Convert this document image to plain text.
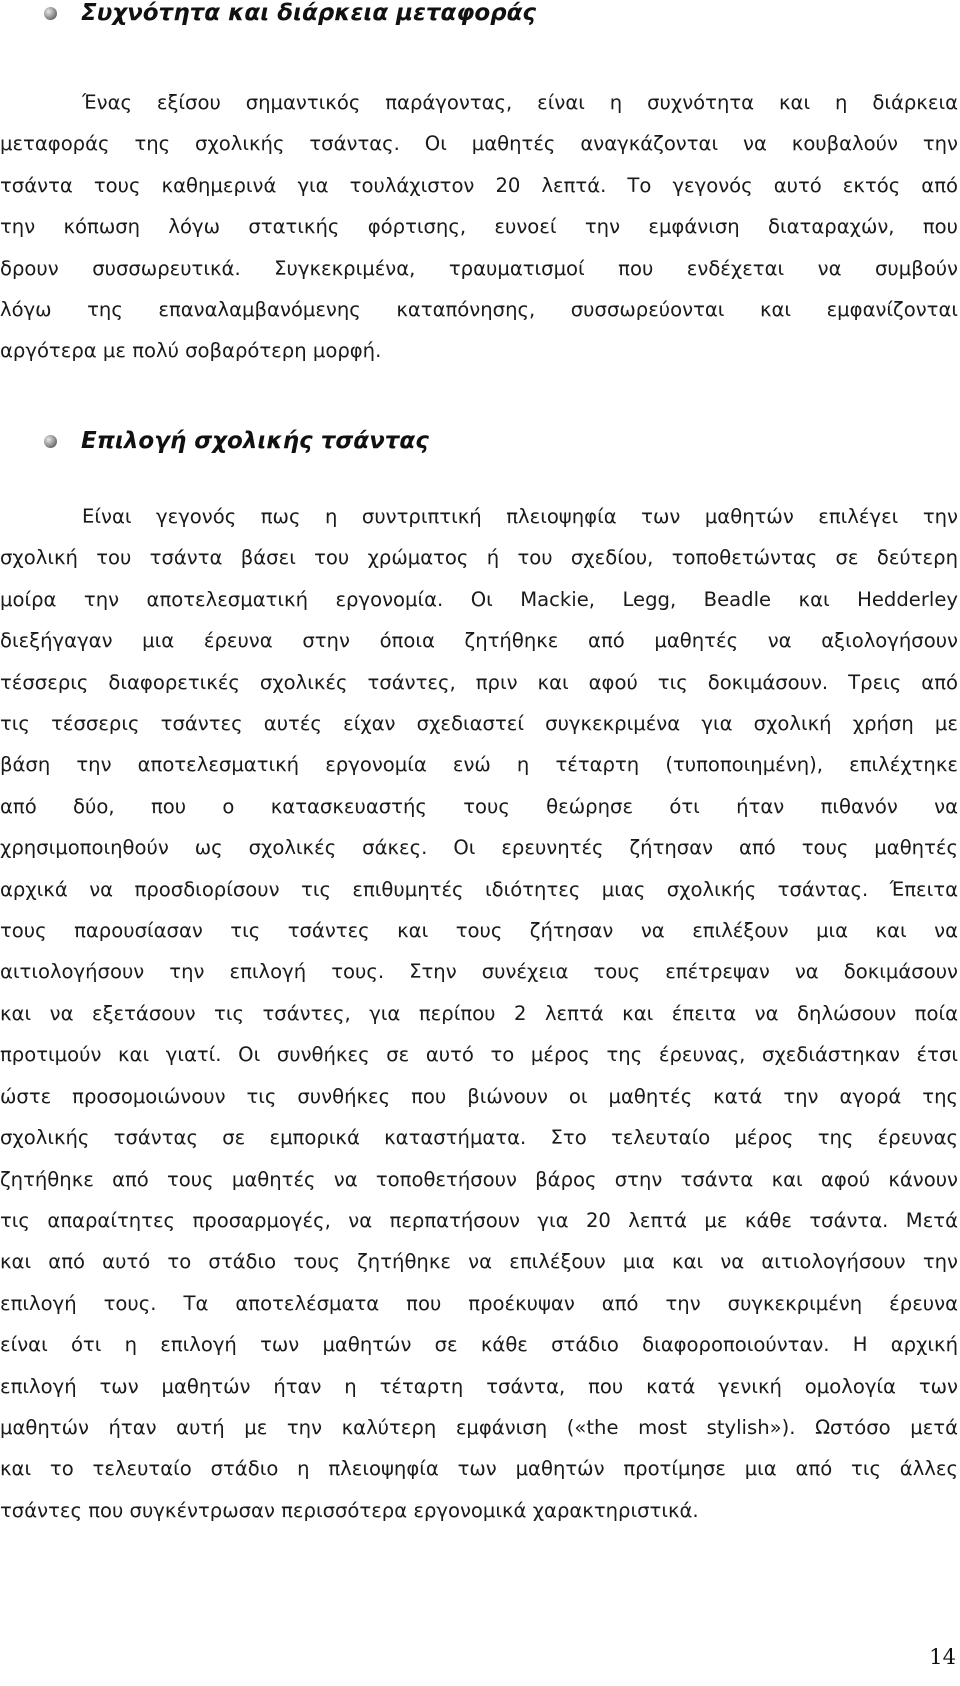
Συχνότητα και διάρκεια μεταφοράς
Ένας εξίσου σημαντικός παράγοντας, είναι η συχνότητα και η διάρκεια
μεταφοράς της σχολικής τσάντας. Οι μαθητές αναγκάζονται να κουβαλούν την
τσάντα τους καθημερινά για τουλάχιστον 20 λεπτά. Το γεγονός αυτό εκτός από
την κόπωση λόγω στατικής φόρτισης, ευνοεί την εμφάνιση διαταραχών, που
δρουν συσσωρευτικά. Συγκεκριμένα, τραυματισμοί που ενδέχεται να συμβούν
λόγω της επαναλαμβανόμενης καταπόνησης, συσσωρεύονται και εμφανίζονται
αργότερα με πολύ σοβαρότερη μορφή.
Επιλογή σχολικής τσάντας
Είναι γεγονός πως η συντριπτική πλειοψηφία των μαθητών επιλέγει την
σχολική του τσάντα βάσει του χρώματος ή του σχεδίου, τοποθετώντας σε δεύτερη
μοίρα την αποτελεσματική εργονομία. Οι Mackie, Legg, Beadle και Hedderley
διεξήγαγαν μια έρευνα στην όποια ζητήθηκε από μαθητές να αξιολογήσουν
τέσσερις διαφορετικές σχολικές τσάντες, πριν και αφού τις δοκιμάσουν. Τρεις από
τις τέσσερις τσάντες αυτές είχαν σχεδιαστεί συγκεκριμένα για σχολική χρήση με
βάση την αποτελεσματική εργονομία ενώ η τέταρτη (τυποποιημένη), επιλέχτηκε
από δύο, που ο κατασκευαστής τους θεώρησε ότι ήταν πιθανόν να
χρησιμοποιηθούν ως σχολικές σάκες. Οι ερευνητές ζήτησαν από τους μαθητές
αρχικά να προσδιορίσουν τις επιθυμητές ιδιότητες μιας σχολικής τσάντας. Έπειτα
τους παρουσίασαν τις τσάντες και τους ζήτησαν να επιλέξουν μια και να
αιτιολογήσουν την επιλογή τους. Στην συνέχεια τους επέτρεψαν να δοκιμάσουν
και να εξετάσουν τις τσάντες, για περίπου 2 λεπτά και έπειτα να δηλώσουν ποία
προτιμούν και γιατί. Οι συνθήκες σε αυτό το μέρος της έρευνας, σχεδιάστηκαν έτσι
ώστε προσομοιώνουν τις συνθήκες που βιώνουν οι μαθητές κατά την αγορά της
σχολικής τσάντας σε εμπορικά καταστήματα. Στο τελευταίο μέρος της έρευνας
ζητήθηκε από τους μαθητές να τοποθετήσουν βάρος στην τσάντα και αφού κάνουν
τις απαραίτητες προσαρμογές, να περπατήσουν για 20 λεπτά με κάθε τσάντα. Μετά
και από αυτό το στάδιο τους ζητήθηκε να επιλέξουν μια και να αιτιολογήσουν την
επιλογή τους. Τα αποτελέσματα που προέκυψαν από την συγκεκριμένη έρευνα
είναι ότι η επιλογή των μαθητών σε κάθε στάδιο διαφοροποιούνταν. Η αρχική
επιλογή των μαθητών ήταν η τέταρτη τσάντα, που κατά γενική ομολογία των
μαθητών ήταν αυτή με την καλύτερη εμφάνιση («the most stylish»). Ωστόσο μετά
και το τελευταίο στάδιο η πλειοψηφία των μαθητών προτίμησε μια από τις άλλες
τσάντες που συγκέντρωσαν περισσότερα εργονομικά χαρακτηριστικά.
14
